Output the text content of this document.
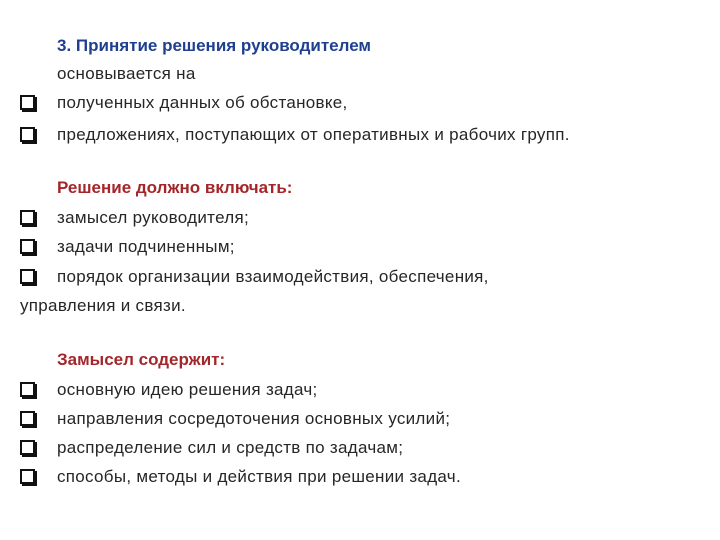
3. Принятие решения руководителем
основывается на
полученных данных об обстановке,
предложениях, поступающих от оперативных и рабочих групп.
Решение должно включать:
замысел руководителя;
задачи подчиненным;
порядок организации взаимодействия, обеспечения,
управления и связи.
Замысел содержит:
основную идею решения задач;
направления сосредоточения основных усилий;
распределение сил и средств по задачам;
способы, методы и действия при решении задач.
